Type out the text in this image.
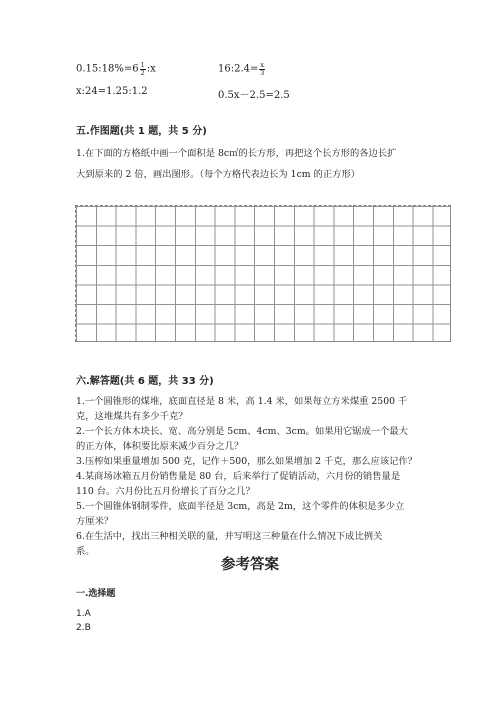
0.15:18%=6 $\frac{1}{2}$ :x	16:2.4= $\frac{x}{3}$
x:24=1.25:1.2	0.5x－2.5=2.5
五.作图题(共 1 题，共 5 分)

1.在下面的方格纸中画一个面积是 8c㎡的长方形，再把这个长方形的各边长扩

大到原来的 2 倍，画出图形。（每个方格代表边长为 1cm 的正方形）

六.解答题(共 6 题，共 33 分)

1.一个圆锥形的煤堆，底面直径是 8 米，高 1.4 米，如果每立方米煤重 2500 千

克，这堆煤共有多少千克？

2.一个长方体木块长、宽、高分别是 5cm、4cm、3cm。如果用它锯成一个最大

的正方体，体积要比原来减少百分之几？

3.压榨如果重量增加 500 克，记作＋500，那么如果增加 2 千克，那么应该记作？

4.某商场冰箱五月份销售量是 80 台，后来举行了促销活动，六月份的销售量是

110 台。六月份比五月份增长了百分之几？

5.一个圆锥体钢制零件，底面半径是 3cm，高是 2m，这个零件的体积是多少立

方厘米？

6.在生活中，找出三种相关联的量，并写明这三种量在什么情况下成比例关

系。

参考答案
一.选择题
1.A
2.B
